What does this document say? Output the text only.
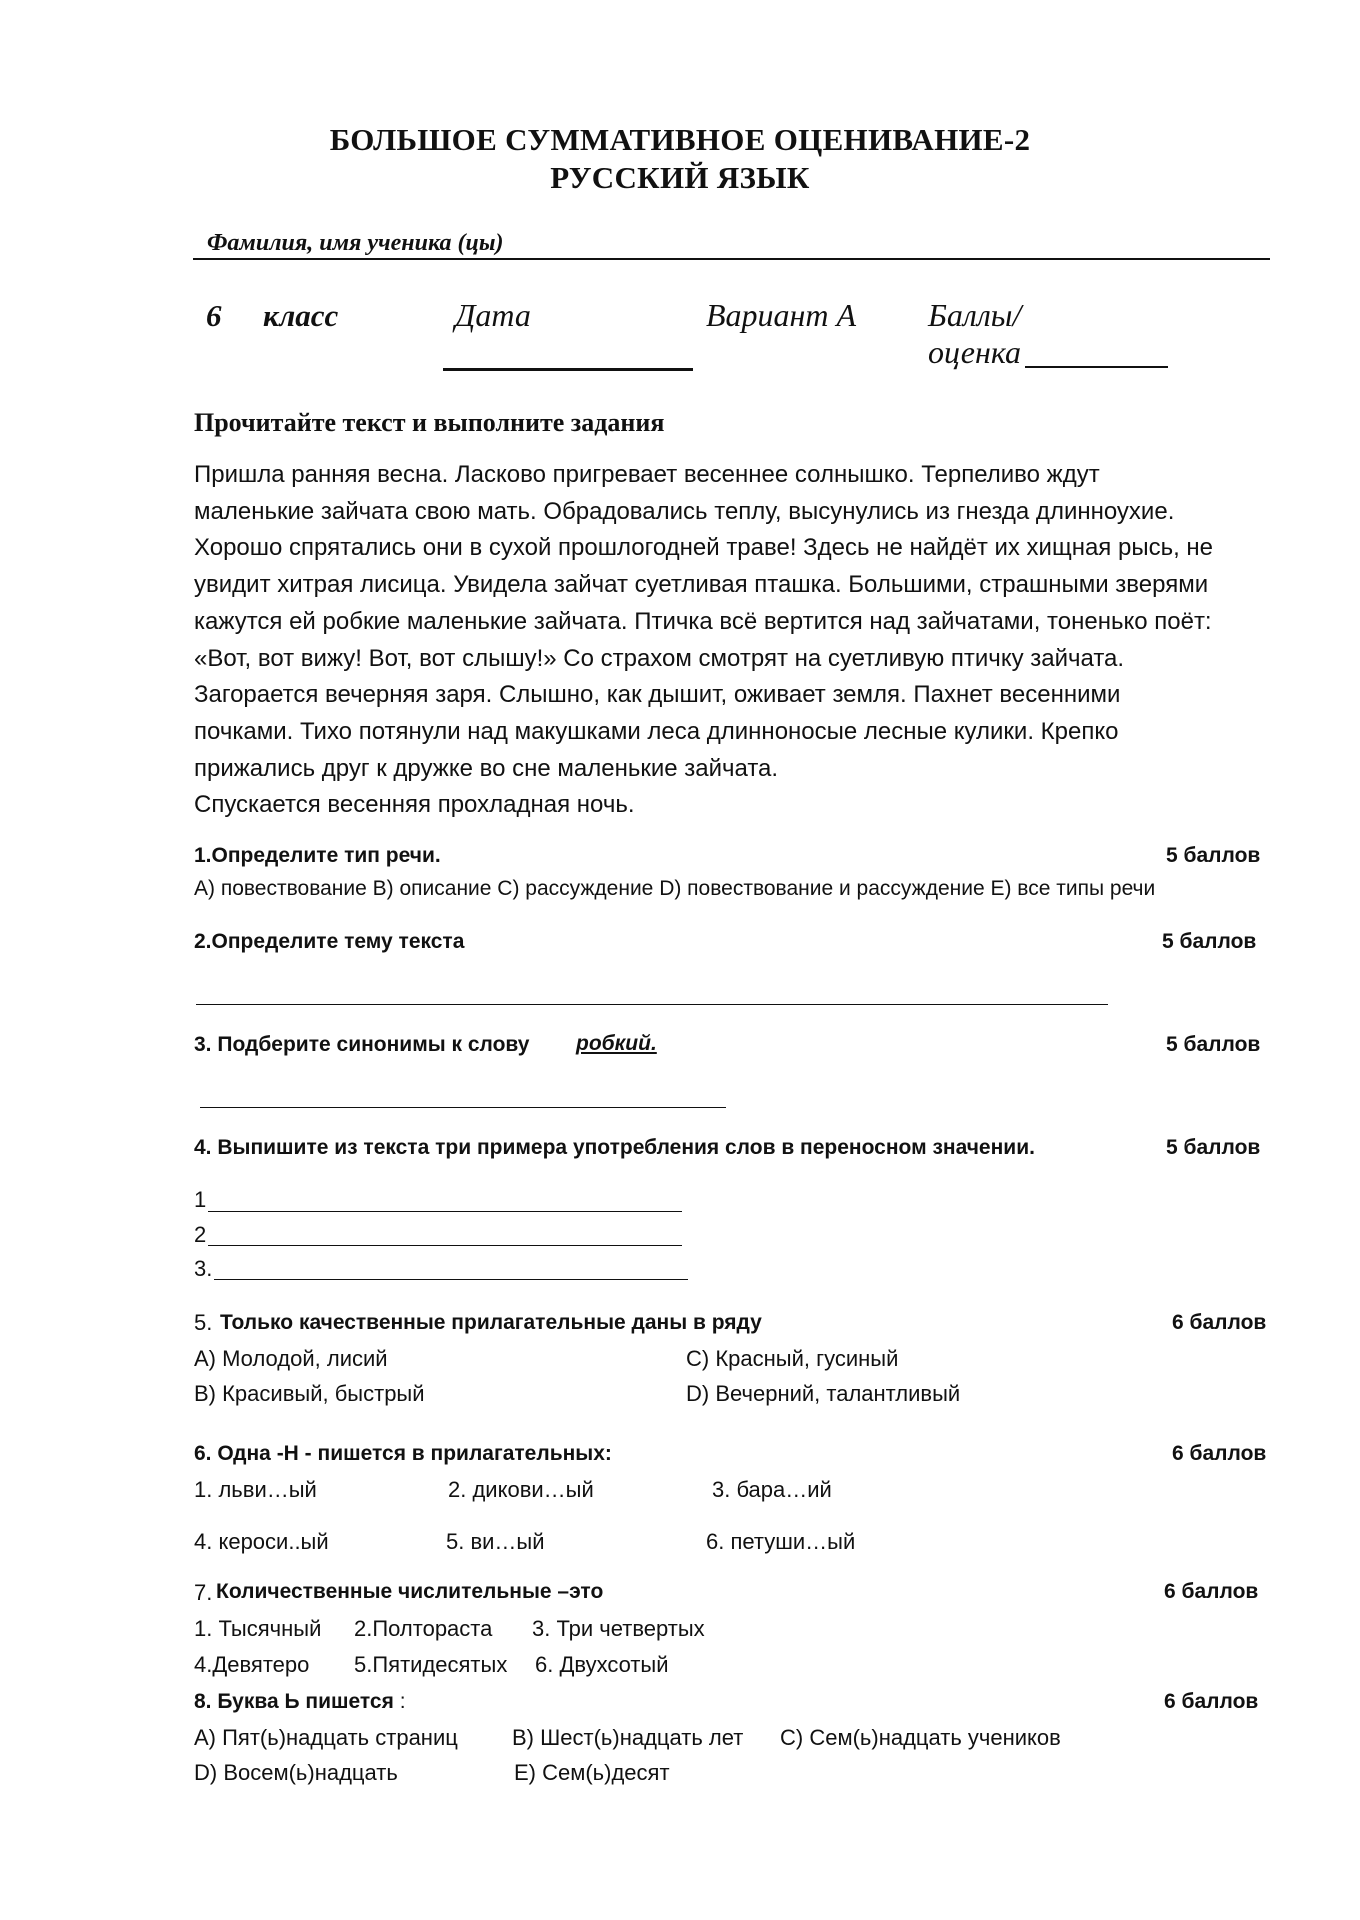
БОЛЬШОЕ СУММАТИВНОЕ ОЦЕНИВАНИЕ-2
РУССКИЙ ЯЗЫК
Фамилия, имя ученика (цы)
6 класс	Дата	Вариант А Баллы/
оценка
Прочитайте текст и выполните задания
Пришла ранняя весна. Ласково пригревает весеннее солнышко. Терпеливо ждут
маленькие зайчата свою мать. Обрадовались теплу, высунулись из гнезда длинноухие.
Хорошо спрятались они в сухой прошлогодней траве! Здесь не найдёт их хищная рысь, не
увидит хитрая лисица. Увидела зайчат суетливая пташка. Большими, страшными зверями
кажутся ей робкие маленькие зайчата. Птичка всё вертится над зайчатами, тоненько поёт:
«Вот, вот вижу! Вот, вот слышу!» Со страхом смотрят на суетливую птичку зайчата.
Загорается вечерняя заря. Слышно, как дышит, оживает земля. Пахнет весенними
почками. Тихо потянули над макушками леса длинноносые лесные кулики. Крепко
прижались друг к дружке во сне маленькие зайчата.
Спускается весенняя прохладная ночь.
1.Определите тип речи.	5 баллов
А) повествование В) описание С) рассуждение D) повествование и рассуждение Е) все типы речи
2.Определите тему текста	5 баллов
3. Подберите синонимы к слову робкий.	5 баллов
4. Выпишите из текста три примера употребления слов в переносном значении.	5 баллов
1
2
3.
5. Только качественные прилагательные даны в ряду	6 баллов
А) Молодой, лисий	С) Красный, гусиный
В) Красивый, быстрый	D) Вечерний, талантливый
6. Одна -Н - пишется в прилагательных:	6 баллов
1. льви…ый	2. дикови…ый	3. бара…ий
4. кероси..ый	5. ви…ый	6. петуши…ый
7. Количественные числительные –это	6 баллов
1. Тысячный 2.Полтораста 3. Три четвертых
4.Девятеро 5.Пятидесятых 6. Двухсотый
8. Буква Ь пишется :	6 баллов
А) Пят(ь)надцать страниц В) Шест(ь)надцать лет С) Сем(ь)надцать учеников
D) Восем(ь)надцать	Е) Сем(ь)десят
